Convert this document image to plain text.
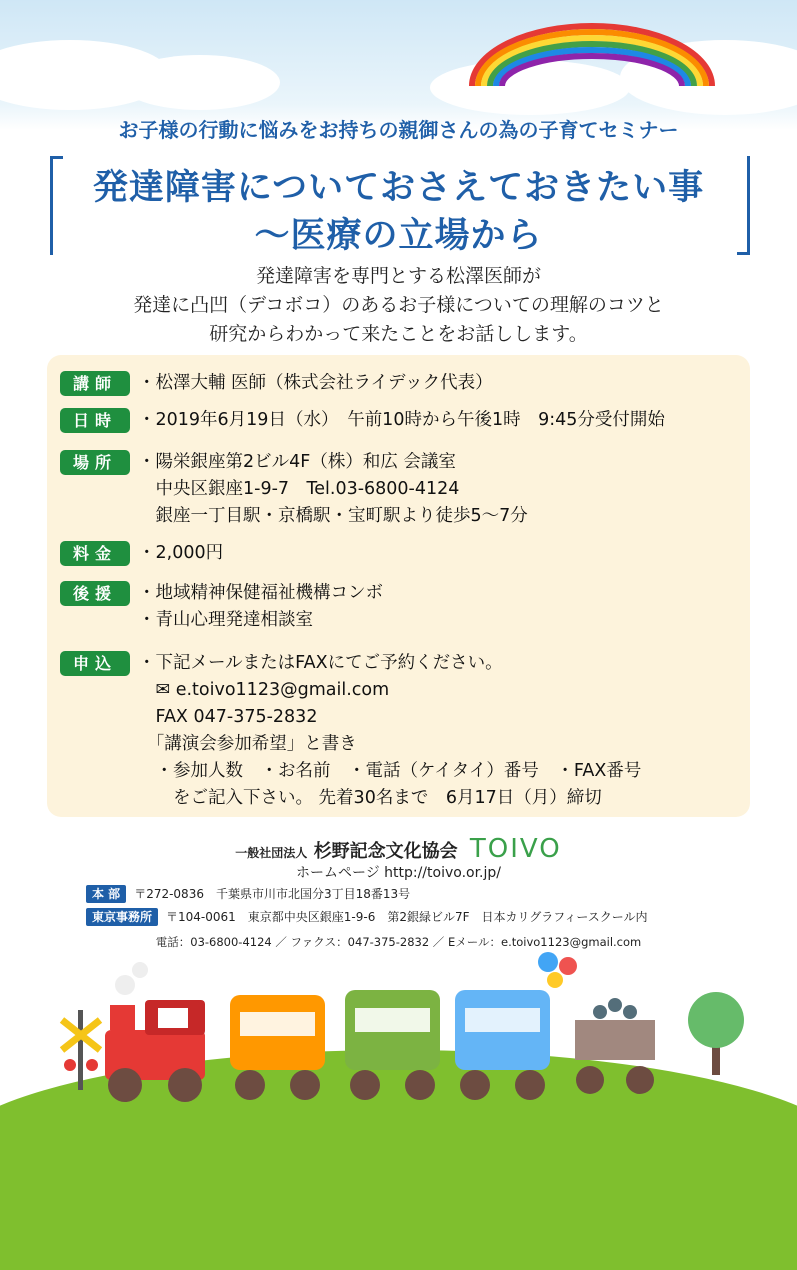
お子様の行動に悩みをお持ちの親御さんの為の子育てセミナー
発達障害についておさえておきたい事
〜医療の立場から
発達障害を専門とする松澤医師が
発達に凸凹（デコボコ）のあるお子様についての理解のコツと
研究からわかって来たことをお話しします。
講師	・松澤大輔 医師（株式会社ライデック代表）
日時	・2019年6月19日（水）　午前10時から午後1時　9:45分受付開始
場所	・陽栄銀座第2ビル4F（株）和広 会議室
　中央区銀座1-9-7　Tel.03-6800-4124
　銀座一丁目駅・京橋駅・宝町駅より徒歩5〜7分
料金	・2,000円
後援	・地域精神保健福祉機構コンボ
・青山心理発達相談室
申込	・下記メールまたはFAXにてご予約ください。
　✉ e.toivo1123@gmail.com
　FAX 047-375-2832
　「講演会参加希望」と書き
　・参加人数　・お名前　・電話（ケイタイ）番号　・FAX番号
　　をご記入下さい。 先着30名まで　6月17日（月）締切
一般社団法人 杉野記念文化協会 TOIVO
ホームページ http://toivo.or.jp/
本 部 〒272-0836　千葉県市川市北国分3丁目18番13号
東京事務所 〒104-0061　東京都中央区銀座1-9-6　第2銀緑ビル7F　日本カリグラフィースクール内
電話：03-6800-4124 ／ ファクス：047-375-2832 ／ Eメール：e.toivo1123@gmail.com
